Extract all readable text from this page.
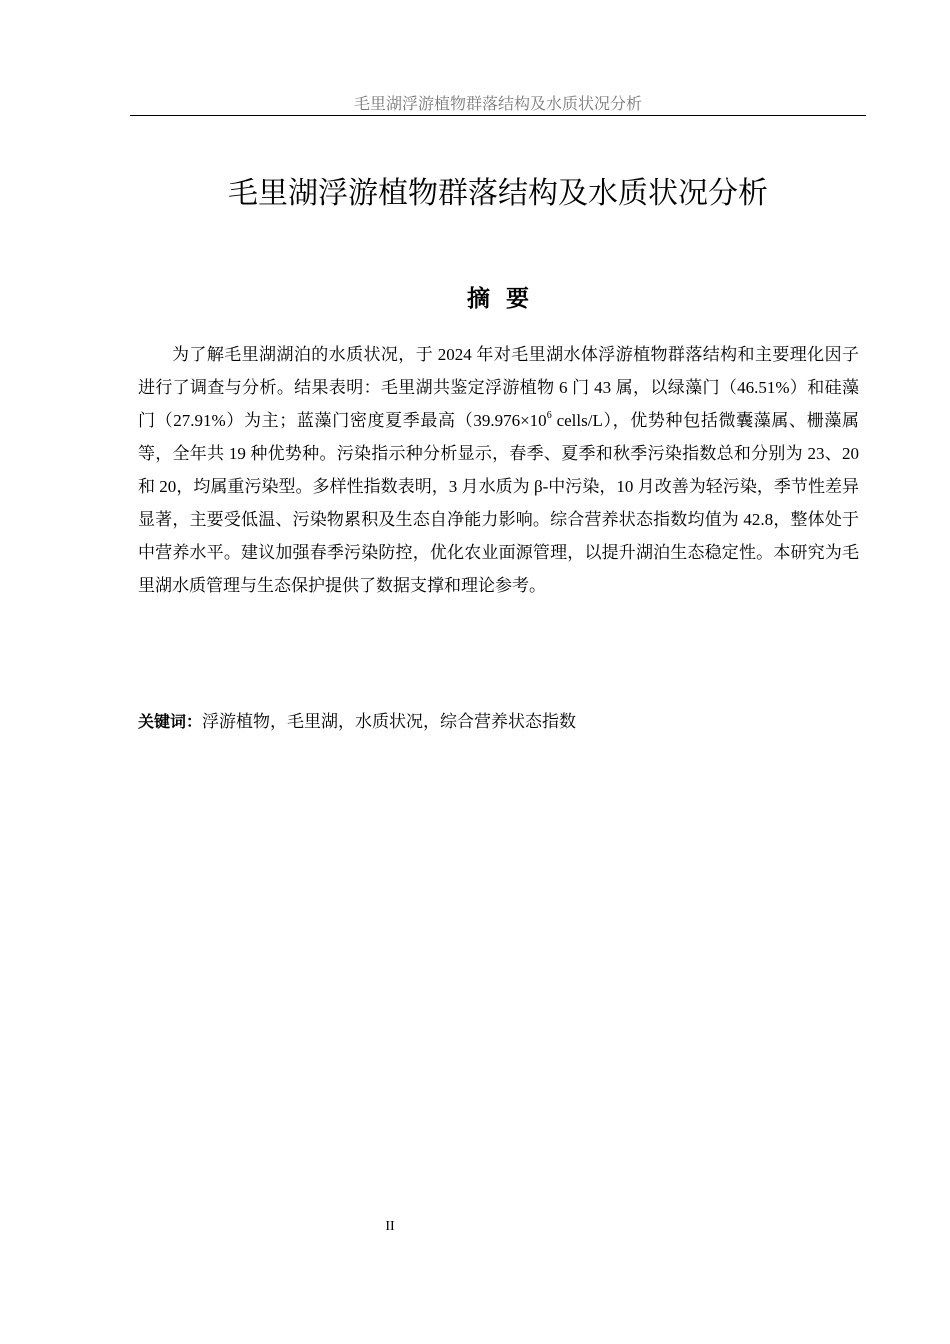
毛里湖浮游植物群落结构及水质状况分析
毛里湖浮游植物群落结构及水质状况分析
摘  要

为了解毛里湖湖泊的水质状况，于 2024 年对毛里湖水体浮游植物群落结构和主要理化因子进行了调查与分析。结果表明：毛里湖共鉴定浮游植物 6 门 43 属，以绿藻门（46.51%）和硅藻门（27.91%）为主；蓝藻门密度夏季最高（$39.976\times 10^6$ cells/L），优势种包括微囊藻属、栅藻属等，全年共 19 种优势种。污染指示种分析显示，春季、夏季和秋季污染指数总和分别为 23、20 和 20，均属重污染型。多样性指数表明，3 月水质为 β-中污染，10 月改善为轻污染，季节性差异显著，主要受低温、污染物累积及生态自净能力影响。综合营养状态指数均值为 42.8，整体处于中营养水平。建议加强春季污染防控，优化农业面源管理，以提升湖泊生态稳定性。本研究为毛里湖水质管理与生态保护提供了数据支撑和理论参考。

关键词：浮游植物，毛里湖，水质状况，综合营养状态指数

II
